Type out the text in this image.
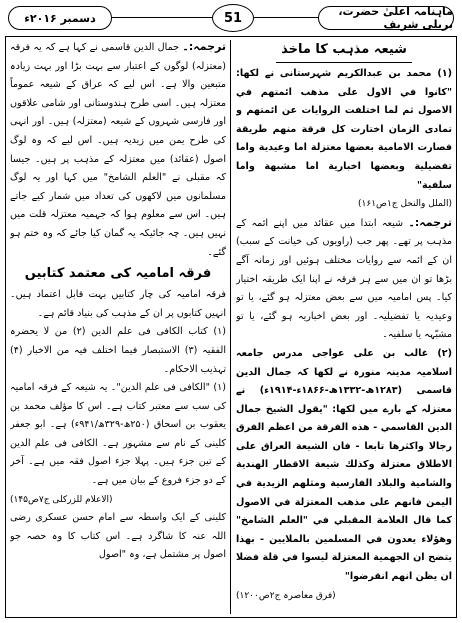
ماہنامہ اعلیٰ حضرت، بریلی شریف
51
دسمبر ۲۰۱۶ء

شیعہ مذہب کا ماخذ

(۱) محمد بن عبدالکریم شہرستانی نے لکھا: "كانوا في الاول على مذهب ائمتهم في الاصول ثم لما اختلفت الروايات عن ائمتهم و تمادى الزمان اختارت كل فرقة منهم طريقة فصارت الامامية بعضها معتزلة اما وعيدية واما تفضيلية وبعضها اخبارية اما مشبهة واما سلفية"

(الملل والنحل ج۱ص۱۶۱)

ترجمہ:۔ شیعہ ابتدا میں عقائد میں اپنے ائمہ کے مذہب پر تھے۔ پھر جب (راویوں کی خیانت کے سبب) ان کے ائمہ سے روایات مختلف ہوئیں اور زمانہ آگے بڑھا تو ان میں سے ہر فرقہ نے اپنا ایک طریقہ اختیار کیا۔ پس امامیہ میں سے بعض معتزلہ ہو گئے، یا تو وعیدیہ یا تفضیلیہ۔ اور بعض اخباریہ ہو گئے، یا تو مشبّہہ یا سلفیہ۔

(۲) غالب بن علی عواجی مدرس جامعہ اسلامیہ مدینہ منورہ نے لکھا کہ جمال الدین قاسمی (۱۲۸۳ھ-۱۳۳۲ھ-۱۸۶۶ء-۱۹۱۴ء) نے معتزلہ کے بارے میں لکھا: "يقول الشيخ جمال الدين القاسمي - هذه الفرقة من اعظم الفرق رجالا واكثرها تابعا - فان الشيعة العراق على الاطلاق معتزلة وكذلك شيعة الاقطار الهندية والشامية والبلاد الفارسية ومثلهم الزيدية في اليمن فانهم على مذهب المعتزلة في الاصول كما قال العلامة المقبلي في "العلم الشامخ" وهؤلاء يعدون في المسلمين بالملايين - بهذا يتضح ان الجهمية المعتزلة ليسوا في قلة فضلا ان يظن انهم انقرضوا"

(فرق معاصرہ ج۲ص۱۲۰۰)

ترجمہ:۔ جمال الدین قاسمی نے کہا ہے کہ یہ فرقہ (معتزلہ) لوگوں کے اعتبار سے بہت بڑا اور بہت زیادہ متبعین والا ہے۔ اس لیے کہ عراق کے شیعہ عموماً معتزلہ ہیں۔ اسی طرح ہندوستانی اور شامی علاقوں اور فارسی شہروں کے شیعہ (معتزلہ) ہیں۔ اور انہی کی طرح یمن میں زیدیہ ہیں۔ اس لیے کہ وہ لوگ اصول (عقائد) میں معتزلہ کے مذہب پر ہیں۔ جیسا کہ مقبلی نے "العلم الشامخ" میں کہا اور یہ لوگ مسلمانوں میں لاکھوں کی تعداد میں شمار کیے جاتے ہیں۔ اس سے معلوم ہوا کہ جہمیہ معتزلہ قلت میں نہیں ہیں۔ چہ جائیکہ یہ گمان کیا جائے کہ وہ ختم ہو گئے۔

فرقہ امامیہ کی معتمد کتابیں

فرقہ امامیہ کی چار کتابیں بہت قابل اعتماد ہیں۔ انہیں کتابوں پر ان کے مذہب کی بنیاد قائم ہے۔

(۱) کتاب الکافی فی علم الدین (۲) من لا یحضرہ الفقیہ (۳) الاستبصار فیما اختلف فیہ من الاخبار (۴) تہذیب الاحکام۔

(۱) "الکافی فی علم الدین"۔ یہ شیعہ کے فرقہ امامیہ کی سب سے معتبر کتاب ہے۔ اس کا مؤلف محمد بن یعقوب بن اسحاق (۲۵۰ھ-۳۲۹ھ/۹۴۱ء) ہے۔ ابو جعفر کلینی کے نام سے مشہور ہے۔ الکافی فی علم الدین کے تین جزء ہیں۔ پہلا جزء اصول فقہ میں ہے۔ آخر کے دو جزء فروع کے بیان میں ہے۔

(الاعلام للزرکلی ج۷ص۱۴۵)

کلینی کے ایک واسطہ سے امام حسن عسکری رضی اللہ عنہ کا شاگرد ہے۔ اس کتاب کا وہ حصہ جو اصول پر مشتمل ہے، وہ "اصول
